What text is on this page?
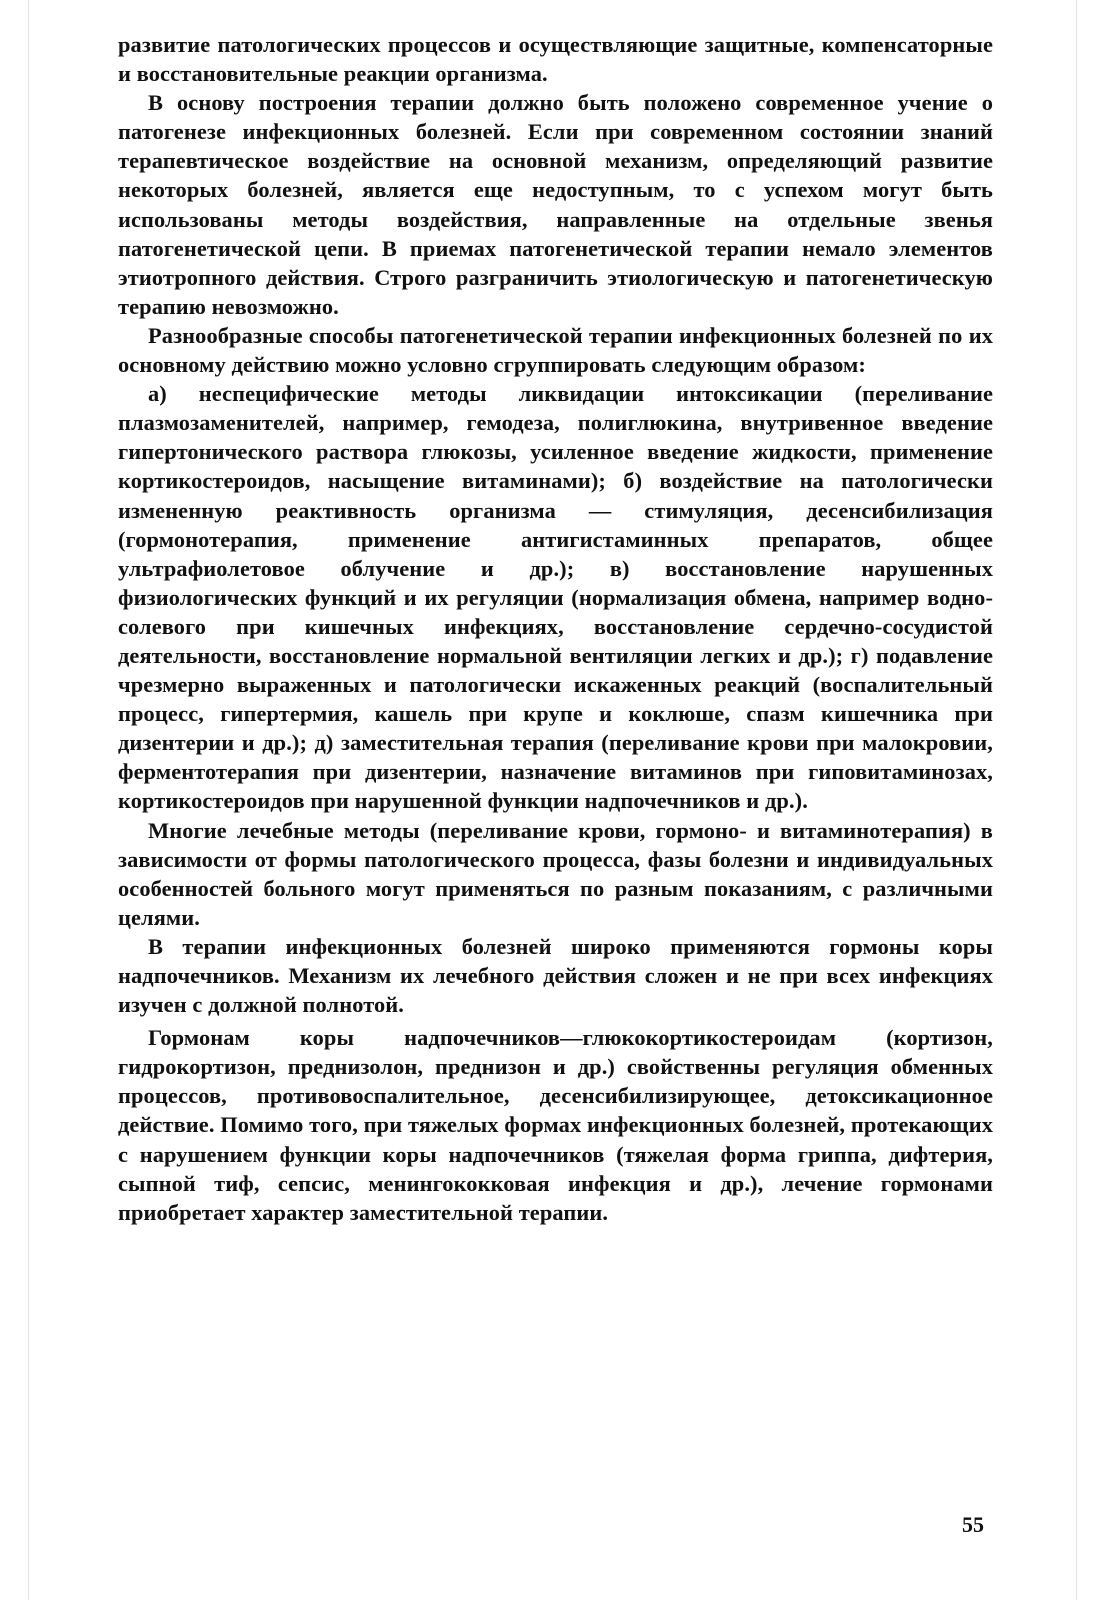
развитие патологических процессов и осуществляющие защитные, компенсаторные и восстановительные реакции организма.

В основу построения терапии должно быть положено современное учение о патогенезе инфекционных болезней. Если при современном состоянии знаний терапевтическое воздействие на основной механизм, определяющий развитие некоторых болезней, является еще недоступным, то с успехом могут быть использованы методы воздействия, направленные на отдельные звенья патогенетической цепи. В приемах патогенетической терапии немало элементов этиотропного действия. Строго разграничить этиологическую и патогенетическую терапию невозможно.

Разнообразные способы патогенетической терапии инфекционных болезней по их основному действию можно условно сгруппировать следующим образом:

а) неспецифические методы ликвидации интоксикации (переливание плазмозаменителей, например, гемодеза, полиглюкина, внутривенное введение гипертонического раствора глюкозы, усиленное введение жидкости, применение кортикостероидов, насыщение витаминами); б) воздействие на патологически измененную реактивность организма — стимуляция, десенсибилизация (гормонотерапия, применение антигистаминных препаратов, общее ультрафиолетовое облучение и др.); в) восстановление нарушенных физиологических функций и их регуляции (нормализация обмена, например водно-солевого при кишечных инфекциях, восстановление сердечно-сосудистой деятельности, восстановление нормальной вентиляции легких и др.); г) подавление чрезмерно выраженных и патологически искаженных реакций (воспалительный процесс, гипертермия, кашель при крупе и коклюше, спазм кишечника при дизентерии и др.); д) заместительная терапия (переливание крови при малокровии, ферментотерапия при дизентерии, назначение витаминов при гиповитаминозах, кортикостероидов при нарушенной функции надпочечников и др.).

Многие лечебные методы (переливание крови, гормоно- и витаминотерапия) в зависимости от формы патологического процесса, фазы болезни и индивидуальных особенностей больного могут применяться по разным показаниям, с различными целями.

В терапии инфекционных болезней широко применяются гормоны коры надпочечников. Механизм их лечебного действия сложен и не при всех инфекциях изучен с должной полнотой.

Гормонам коры надпочечников—глюкокортикостероидам (кортизон, гидрокортизон, преднизолон, преднизон и др.) свойственны регуляция обменных процессов, противовоспалительное, десенсибилизирующее, детоксикационное действие. Помимо того, при тяжелых формах инфекционных болезней, протекающих с нарушением функции коры надпочечников (тяжелая форма гриппа, дифтерия, сыпной тиф, сепсис, менингококковая инфекция и др.), лечение гормонами приобретает характер заместительной терапии.

55
